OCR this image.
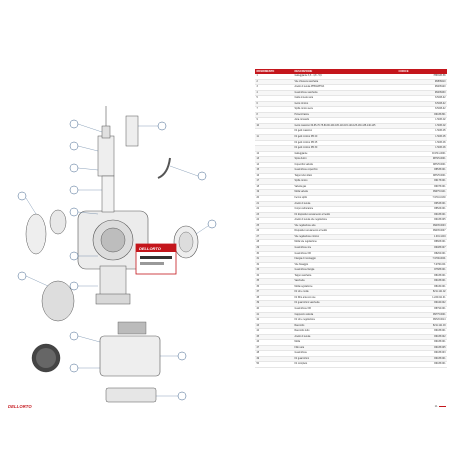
DELLORTO
DELLORTO
RIFERIMENTO	DESCRIZIONE	CODICE
1	Galleggiante 3,6 - 4,8 - 5,6	7868133.86
2	Vite chiusura vaschetta	R9535210
3	Anello di tenuta PHBG/PHVA	R9435120
4	Guarnizione vaschetta	R9435430
5	Cattle innesto aria	8-5006.02
6	Getto minimo	8-5006.02
7	Spillo conico serie	8-5006.02
8	Polverizzatore	R9435.801
9	Asta comando	1.5033.02
10	Getto massimo 60-65-70-75-80-90-100-105-110-115-120-125-130-135-140-145	1.5033.02
	Kit getti massimo	1.5033.05
11	Kit getti minimo PR 20	1.5033.05
	Kit getti minimo PR 25	1.5033.06
	Kit getti minimo PR 30	1.5033.06
12	Galleggiante	R-9741-0001
13	Spina fulcro	R8725-0001
14	Coperchio valvola	R8725.0001
15	Guarnizione coperchio	R8535.001
16	Tappo tubo sfiato	R8725.0001
17	Spillo conico	R9175.001
18	Valvola gas	R9075.001
19	Molla valvola	R9075.0141
20	Fermo spillo	7-9710-0130
21	Anello di tenuta	R9545.001
22	Corpo carburatore	R8526.001
23	Kit dispositivo avviamento a freddo	R9435.001
24	Anello di tenuta vite regolazione	R9435.005
25	Vite regolazione aria	R9435.0003
26	Dispositivo avviamento a freddo	R9435.0007
27	Vite regolazione minimo	1.001.1204
28	Molla vite regolazione	R8605.001
29	Guarnizione vite	R9485.007
30	Guarnizione OR	R8264.001
31	Flangia di montaggio	7-9790-0001
32	Vite fissaggio	7-9790-001
33	Guarnizione flangia	R7685.001
34	Tappo vaschetta	R8435.001
35	Vaschetta	R9435.001
36	Molla regolazione	R8430.001
37	Kit viti e molle	5211.121.02
38	Kit filtro aria con rete	1.220.011.01
39	Kit guarnizioni vaschetta	R9440.002
40	Guarnizione OR	R8794.001
41	Cappuccio valvola	R9775.0001
42	Kit viti e regolazione	R9720.0014
43	Raccordo	5211.121.03
44	Raccordo tubo	R9435.001
45	Anello di tenuta	R9435.002
46	Molla	R9435.001
47	Filtro aria	R9435.005
48	Guarnizione	R9435.003
49	Kit guarnizioni	R9435.001
50	Kit completo	R9435.001
11
